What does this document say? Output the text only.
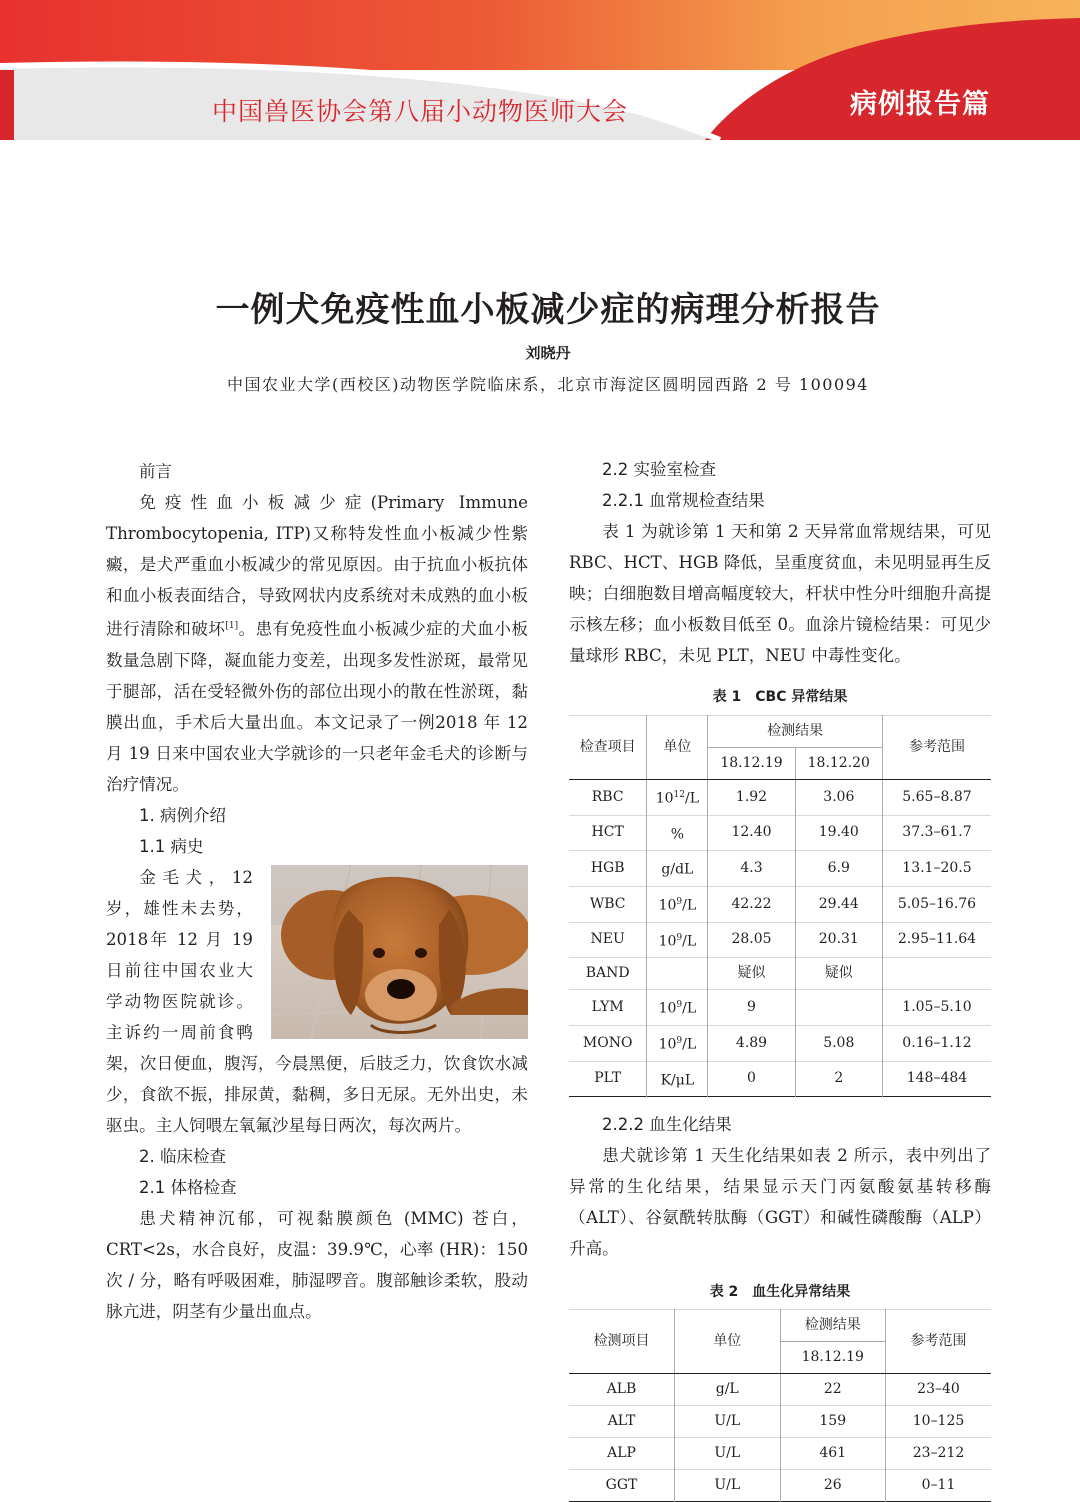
中国兽医协会第八届小动物医师大会	病例报告篇
一例犬免疫性血小板减少症的病理分析报告
刘晓丹
中国农业大学(西校区)动物医学院临床系，北京市海淀区圆明园西路 2 号 100094

前言

免疫性血小板减少症(Primary Immune Thrombocytopenia, ITP)又称特发性血小板减少性紫癜，是犬严重血小板减少的常见原因。由于抗血小板抗体和血小板表面结合，导致网状内皮系统对未成熟的血小板进行清除和破坏[1]。患有免疫性血小板减少症的犬血小板数量急剧下降，凝血能力变差，出现多发性淤斑，最常见于腿部，活在受轻微外伤的部位出现小的散在性淤斑，黏膜出血，手术后大量出血。本文记录了一例2018 年 12 月 19 日来中国农业大学就诊的一只老年金毛犬的诊断与治疗情况。

1. 病例介绍

1.1 病史

金毛犬，12 岁，雄性未去势，2018年 12 月 19 日前往中国农业大学动物医院就诊。主诉约一周前食鸭架，次日便血，腹泻，今晨黑便，后肢乏力，饮食饮水减少，食欲不振，排尿黄，黏稠，多日无尿。无外出史，未驱虫。主人饲喂左氧氟沙星每日两次，每次两片。

2. 临床检查

2.1 体格检查

患犬精神沉郁，可视黏膜颜色 (MMC) 苍白，CRT<2s，水合良好，皮温：39.9℃，心率 (HR)：150 次 / 分，略有呼吸困难，肺湿啰音。腹部触诊柔软，股动脉亢进，阴茎有少量出血点。

2.2 实验室检查

2.2.1 血常规检查结果

表 1 为就诊第 1 天和第 2 天异常血常规结果，可见 RBC、HCT、HGB 降低，呈重度贫血，未见明显再生反映；白细胞数目增高幅度较大，杆状中性分叶细胞升高提示核左移；血小板数目低至 0。血涂片镜检结果：可见少量球形 RBC，未见 PLT，NEU 中毒性变化。

表 1　CBC 异常结果
检查项目	单位	检测结果		参考范围
		18.12.19	18.12.20	
RBC	$10^{12}/L$	1.92	3.06	5.65–8.87
HCT	%	12.40	19.40	37.3–61.7
HGB	g/dL	4.3	6.9	13.1–20.5
WBC	$10^9/L$	42.22	29.44	5.05–16.76
NEU	$10^9/L$	28.05	20.31	2.95–11.64
BAND		疑似	疑似	
LYM	$10^9/L$	9		1.05–5.10
MONO	$10^9/L$	4.89	5.08	0.16–1.12
PLT	K/μL	0	2	148–484

2.2.2 血生化结果

患犬就诊第 1 天生化结果如表 2 所示，表中列出了异常的生化结果，结果显示天门丙氨酸氨基转移酶（ALT）、谷氨酰转肽酶（GGT）和碱性磷酸酶（ALP）升高。

表 2　血生化异常结果
检测项目	单位	检测结果	参考范围
		18.12.19	
ALB	g/L	22	23–40
ALT	U/L	159	10–125
ALP	U/L	461	23–212
GGT	U/L	26	0–11
